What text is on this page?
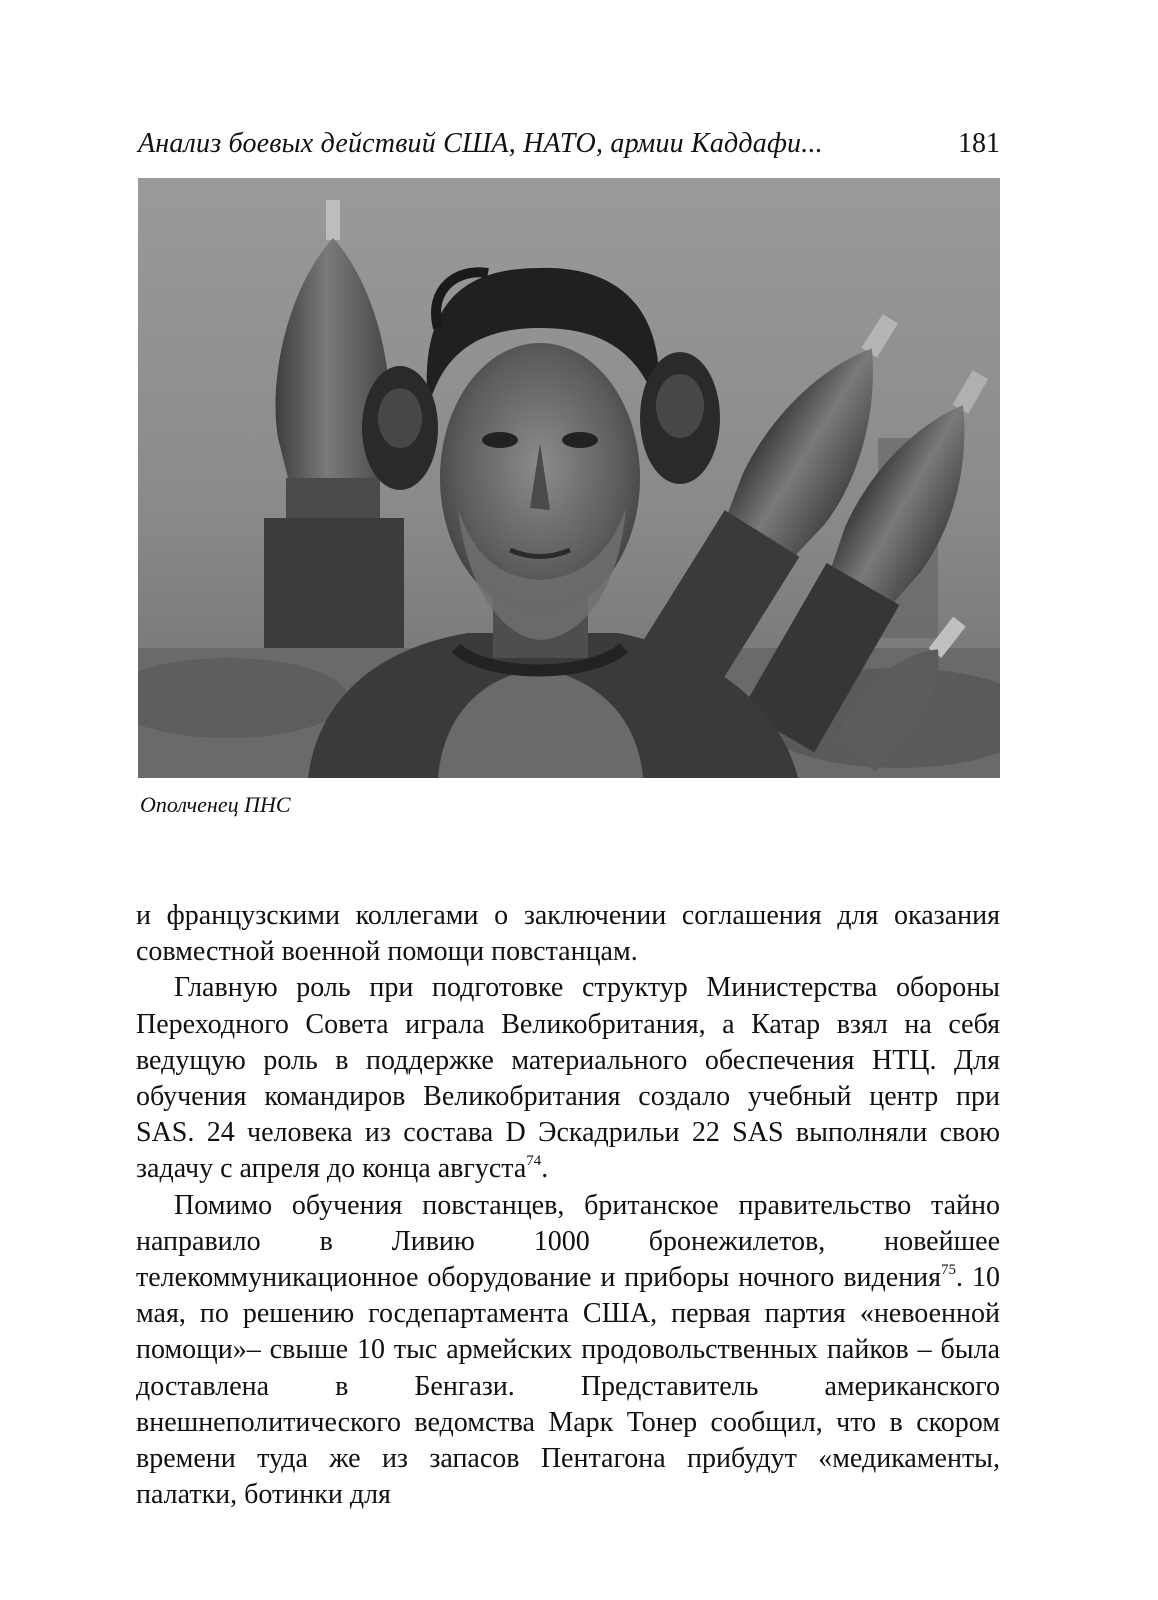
Анализ боевых действий США, НАТО, армии Каддафи...	181
Ополченец ПНС

и французскими коллегами о заключении соглашения для оказания совместной военной помощи повстанцам.

Главную роль при подготовке структур Министерства обороны Переходного Совета играла Великобритания, а Катар взял на себя ведущую роль в поддержке материального обеспечения НТЦ. Для обучения командиров Великобритания создало учебный центр при SAS. 24 человека из состава D Эскадрильи 22 SAS выполняли свою задачу с апреля до конца августа$^{74}$.

Помимо обучения повстанцев, британское правительство тайно направило в Ливию 1000 бронежилетов, новейшее телекоммуникационное оборудование и приборы ночного видения$^{75}$. 10 мая, по решению госдепартамента США, первая партия «невоенной помощи»– свыше 10 тыс армейских продовольственных пайков – была доставлена в Бенгази. Представитель американского внешнеполитического ведомства Марк Тонер сообщил, что в скором времени туда же из запасов Пентагона прибудут «медикаменты, палатки, ботинки для
